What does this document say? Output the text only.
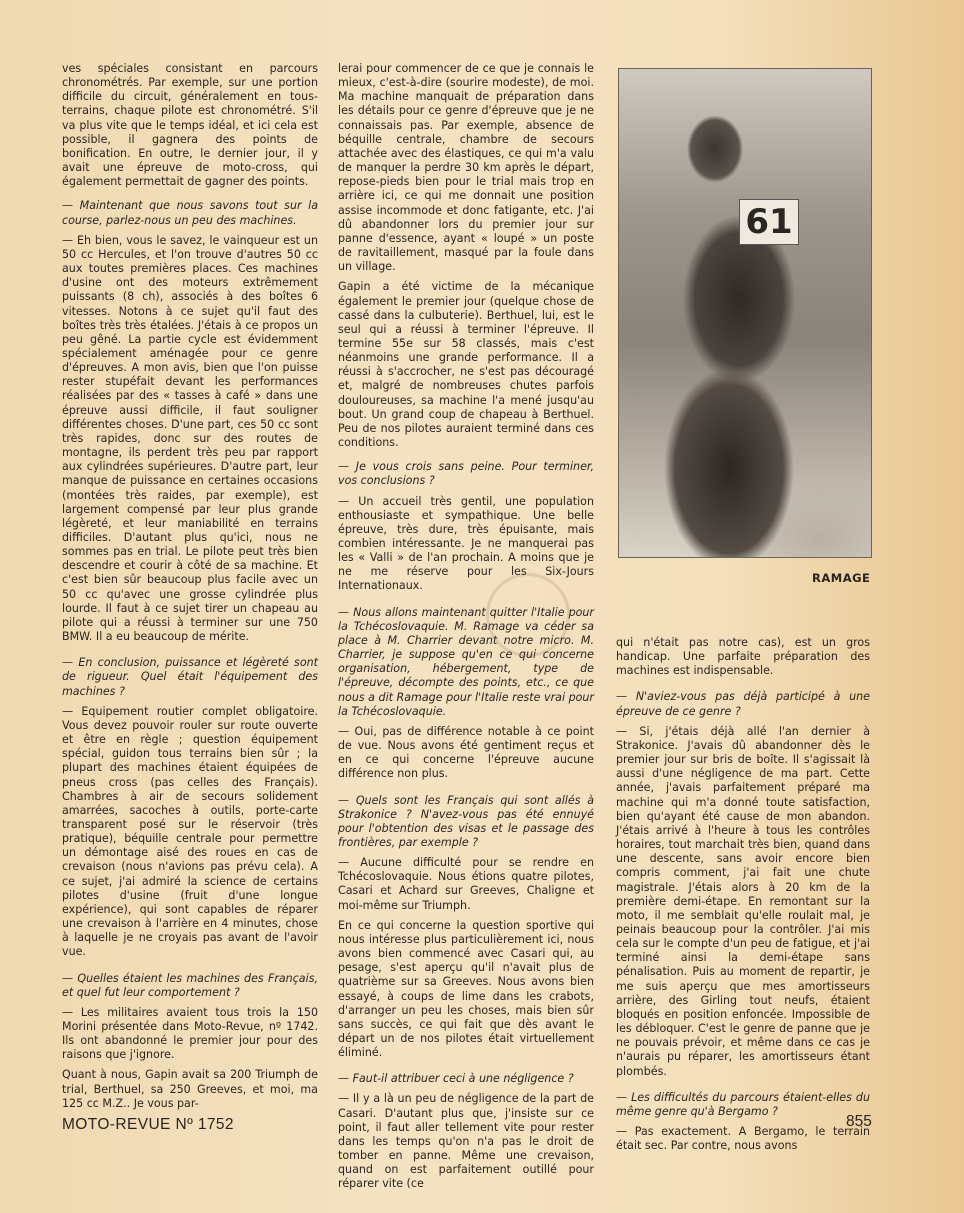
ves spéciales consistant en parcours chronométrés. Par exemple, sur une portion difficile du circuit, généralement en tous-terrains, chaque pilote est chronométré. S'il va plus vite que le temps idéal, et ici cela est possible, il gagnera des points de bonification. En outre, le dernier jour, il y avait une épreuve de moto-cross, qui également permettait de gagner des points.

— Maintenant que nous savons tout sur la course, parlez-nous un peu des machines.

— Eh bien, vous le savez, le vainqueur est un 50 cc Hercules, et l'on trouve d'autres 50 cc aux toutes premières places. Ces machines d'usine ont des moteurs extrêmement puissants (8 ch), associés à des boîtes 6 vitesses. Notons à ce sujet qu'il faut des boîtes très très étalées. J'étais à ce propos un peu gêné. La partie cycle est évidemment spécialement aménagée pour ce genre d'épreuves. A mon avis, bien que l'on puisse rester stupéfait devant les performances réalisées par des « tasses à café » dans une épreuve aussi difficile, il faut souligner différentes choses. D'une part, ces 50 cc sont très rapides, donc sur des routes de montagne, ils perdent très peu par rapport aux cylindrées supérieures. D'autre part, leur manque de puissance en certaines occasions (montées très raides, par exemple), est largement compensé par leur plus grande légèreté, et leur maniabilité en terrains difficiles. D'autant plus qu'ici, nous ne sommes pas en trial. Le pilote peut très bien descendre et courir à côté de sa machine. Et c'est bien sûr beaucoup plus facile avec un 50 cc qu'avec une grosse cylindrée plus lourde. Il faut à ce sujet tirer un chapeau au pilote qui a réussi à terminer sur une 750 BMW. Il a eu beaucoup de mérite.

— En conclusion, puissance et légèreté sont de rigueur. Quel était l'équipement des machines ?

— Equipement routier complet obligatoire. Vous devez pouvoir rouler sur route ouverte et être en règle ; question équipement spécial, guidon tous terrains bien sûr ; la plupart des machines étaient équipées de pneus cross (pas celles des Français). Chambres à air de secours solidement amarrées, sacoches à outils, porte-carte transparent posé sur le réservoir (très pratique), béquille centrale pour permettre un démontage aisé des roues en cas de crevaison (nous n'avions pas prévu cela). A ce sujet, j'ai admiré la science de certains pilotes d'usine (fruit d'une longue expérience), qui sont capables de réparer une crevaison à l'arrière en 4 minutes, chose à laquelle je ne croyais pas avant de l'avoir vue.

— Quelles étaient les machines des Français, et quel fut leur comportement ?

— Les militaires avaient tous trois la 150 Morini présentée dans Moto-Revue, nº 1742. Ils ont abandonné le premier jour pour des raisons que j'ignore.

Quant à nous, Gapin avait sa 200 Triumph de trial, Berthuel, sa 250 Greeves, et moi, ma 125 cc M.Z.. Je vous par-

lerai pour commencer de ce que je connais le mieux, c'est-à-dire (sourire modeste), de moi. Ma machine manquait de préparation dans les détails pour ce genre d'épreuve que je ne connaissais pas. Par exemple, absence de béquille centrale, chambre de secours attachée avec des élastiques, ce qui m'a valu de manquer la perdre 30 km après le départ, repose-pieds bien pour le trial mais trop en arrière ici, ce qui me donnait une position assise incommode et donc fatigante, etc. J'ai dû abandonner lors du premier jour sur panne d'essence, ayant « loupé » un poste de ravitaillement, masqué par la foule dans un village.

Gapin a été victime de la mécanique également le premier jour (quelque chose de cassé dans la culbuterie). Berthuel, lui, est le seul qui a réussi à terminer l'épreuve. Il termine 55e sur 58 classés, mais c'est néanmoins une grande performance. Il a réussi à s'accrocher, ne s'est pas découragé et, malgré de nombreuses chutes parfois douloureuses, sa machine l'a mené jusqu'au bout. Un grand coup de chapeau à Berthuel. Peu de nos pilotes auraient terminé dans ces conditions.

— Je vous crois sans peine. Pour terminer, vos conclusions ?

— Un accueil très gentil, une population enthousiaste et sympathique. Une belle épreuve, très dure, très épuisante, mais combien intéressante. Je ne manquerai pas les « Valli » de l'an prochain. A moins que je ne me réserve pour les Six-Jours Internationaux.

— Nous allons maintenant quitter l'Italie pour la Tchécoslovaquie. M. Ramage va céder sa place à M. Charrier devant notre micro. M. Charrier, je suppose qu'en ce qui concerne organisation, hébergement, type de l'épreuve, décompte des points, etc., ce que nous a dit Ramage pour l'Italie reste vrai pour la Tchécoslovaquie.

— Oui, pas de différence notable à ce point de vue. Nous avons été gentiment reçus et en ce qui concerne l'épreuve aucune différence non plus.

— Quels sont les Français qui sont allés à Strakonice ? N'avez-vous pas été ennuyé pour l'obtention des visas et le passage des frontières, par exemple ?

— Aucune difficulté pour se rendre en Tchécoslovaquie. Nous étions quatre pilotes, Casari et Achard sur Greeves, Chaligne et moi-même sur Triumph.

En ce qui concerne la question sportive qui nous intéresse plus particulièrement ici, nous avons bien commencé avec Casari qui, au pesage, s'est aperçu qu'il n'avait plus de quatrième sur sa Greeves. Nous avons bien essayé, à coups de lime dans les crabots, d'arranger un peu les choses, mais bien sûr sans succès, ce qui fait que dès avant le départ un de nos pilotes était virtuellement éliminé.

— Faut-il attribuer ceci à une négligence ?

— Il y a là un peu de négligence de la part de Casari. D'autant plus que, j'insiste sur ce point, il faut aller tellement vite pour rester dans les temps qu'on n'a pas le droit de tomber en panne. Même une crevaison, quand on est parfaitement outillé pour réparer vite (ce

61
RAMAGE

qui n'était pas notre cas), est un gros handicap. Une parfaite préparation des machines est indispensable.

— N'aviez-vous pas déjà participé à une épreuve de ce genre ?

— Si, j'étais déjà allé l'an dernier à Strakonice. J'avais dû abandonner dès le premier jour sur bris de boîte. Il s'agissait là aussi d'une négligence de ma part. Cette année, j'avais parfaitement préparé ma machine qui m'a donné toute satisfaction, bien qu'ayant été cause de mon abandon. J'étais arrivé à l'heure à tous les contrôles horaires, tout marchait très bien, quand dans une descente, sans avoir encore bien compris comment, j'ai fait une chute magistrale. J'étais alors à 20 km de la première demi-étape. En remontant sur la moto, il me semblait qu'elle roulait mal, je peinais beaucoup pour la contrôler. J'ai mis cela sur le compte d'un peu de fatigue, et j'ai terminé ainsi la demi-étape sans pénalisation. Puis au moment de repartir, je me suis aperçu que mes amortisseurs arrière, des Girling tout neufs, étaient bloqués en position enfoncée. Impossible de les débloquer. C'est le genre de panne que je ne pouvais prévoir, et même dans ce cas je n'aurais pu réparer, les amortisseurs étant plombés.

— Les difficultés du parcours étaient-elles du même genre qu'à Bergamo ?

— Pas exactement. A Bergamo, le terrain était sec. Par contre, nous avons

MOTO-REVUE Nº 1752	855
